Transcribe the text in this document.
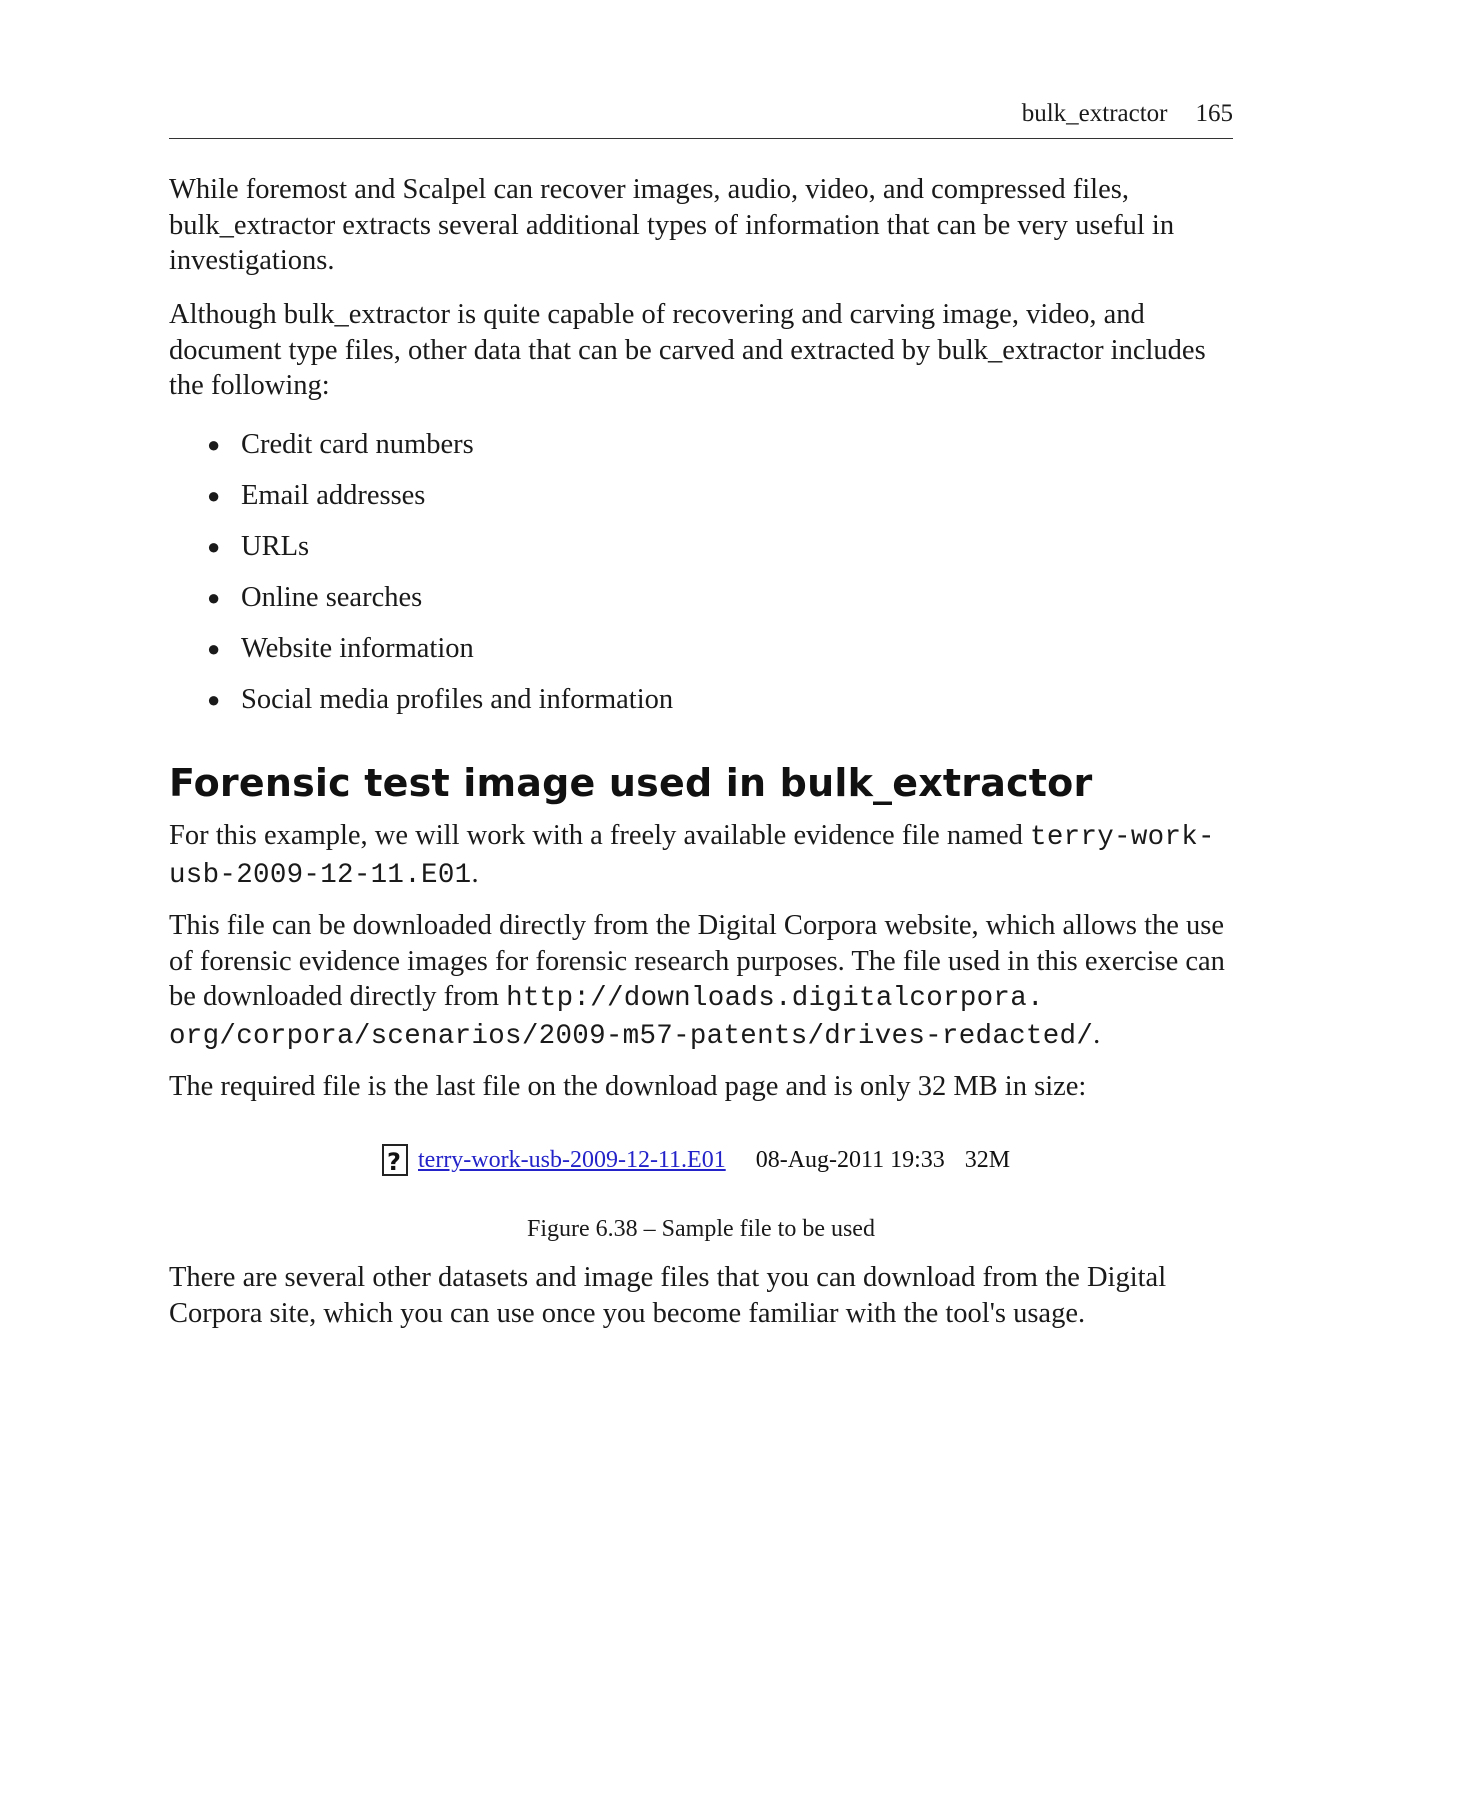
bulk_extractor 165

While foremost and Scalpel can recover images, audio, video, and compressed files, bulk_extractor extracts several additional types of information that can be very useful in investigations.

Although bulk_extractor is quite capable of recovering and carving image, video, and document type files, other data that can be carved and extracted by bulk_extractor includes the following:

● Credit card numbers
● Email addresses
● URLs
● Online searches
● Website information
● Social media profiles and information
Forensic test image used in bulk_extractor

For this example, we will work with a freely available evidence file named terry-work-
usb-2009-12-11.E01.

This file can be downloaded directly from the Digital Corpora website, which allows the use of forensic evidence images for forensic research purposes. The file used in this exercise can be downloaded directly from http://downloads.digitalcorpora.
org/corpora/scenarios/2009-m57-patents/drives-redacted/.

The required file is the last file on the download page and is only 32 MB in size:

?
terry-work-usb-2009-12-11.E01 08-Aug-2011 19:33 32M
Figure 6.38 – Sample file to be used

There are several other datasets and image files that you can download from the Digital Corpora site, which you can use once you become familiar with the tool's usage.
